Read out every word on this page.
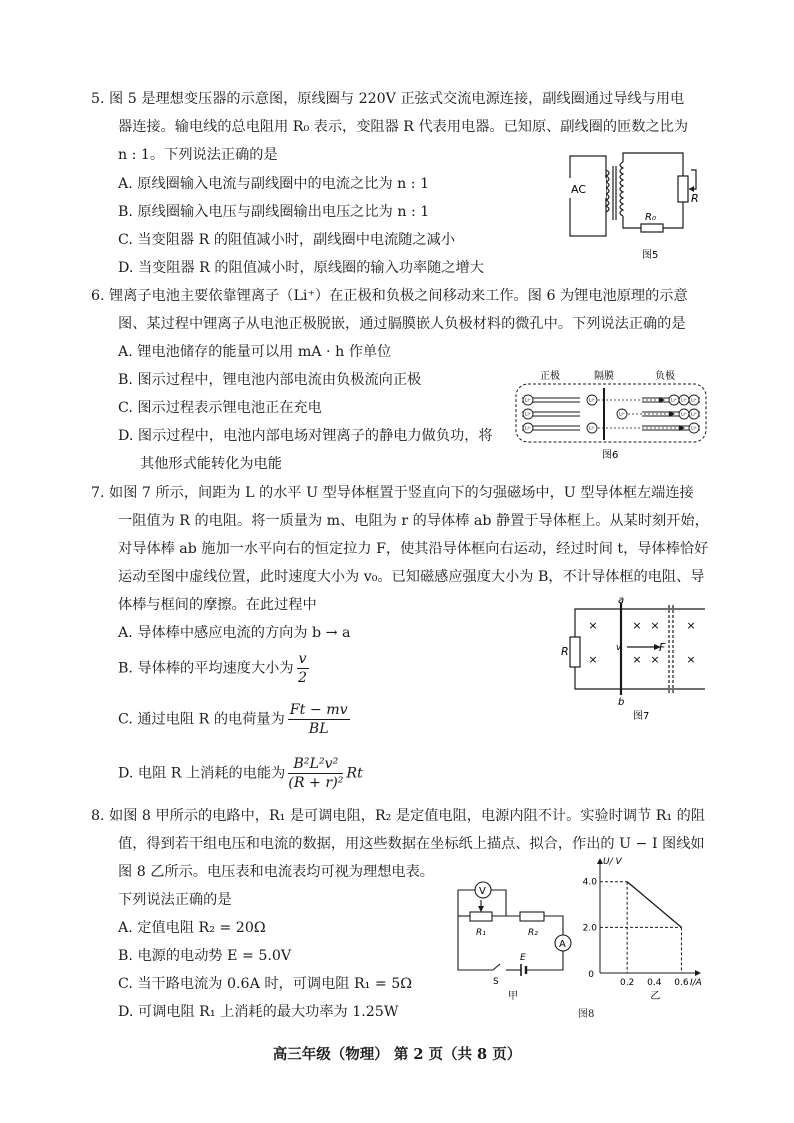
5. 图 5 是理想变压器的示意图，原线圈与 220V 正弦式交流电源连接，副线圈通过导线与用电
器连接。输电线的总电阻用 R₀ 表示，变阻器 R 代表用电器。已知原、副线圈的匝数之比为
n : 1。下列说法正确的是
A. 原线圈输入电流与副线圈中的电流之比为 n : 1
B. 原线圈输入电压与副线圈输出电压之比为 n : 1
C. 当变阻器 R 的阻值减小时，副线圈中电流随之减小
D. 当变阻器 R 的阻值减小时，原线圈的输入功率随之增大
AC
R
R₀
图5
6. 锂离子电池主要依靠锂离子（Li⁺）在正极和负极之间移动来工作。图 6 为锂电池原理的示意
图、某过程中锂离子从电池正极脱嵌，通过膈膜嵌人负极材料的微孔中。下列说法正确的是
A. 锂电池储存的能量可以用 mA · h 作单位
B. 图示过程中，锂电池内部电流由负极流向正极
C. 图示过程表示锂电池正在充电
D. 图示过程中，电池内部电场对锂离子的静电力做负功，将
其他形式能转化为电能
正极	隔膜	负极
Li⁺
Li⁺
Li⁺
Li⁺
Li⁺
Li⁺
Li⁺ Li⁺ Li⁺
Li⁺ Li⁺
Li⁺
图6
7. 如图 7 所示，间距为 L 的水平 U 型导体框置于竖直向下的匀强磁场中，U 型导体框左端连接
一阻值为 R 的电阻。将一质量为 m、电阻为 r 的导体棒 ab 静置于导体框上。从某时刻开始，
对导体棒 ab 施加一水平向右的恒定拉力 F，使其沿导体框向右运动，经过时间 t，导体棒恰好
运动至图中虚线位置，此时速度大小为 v₀。已知磁感应强度大小为 B，不计导体框的电阻、导
体棒与框间的摩擦。在此过程中
A. 导体棒中感应电流的方向为 b → a
B. 导体棒的平均速度大小为 $\frac{v}{2}$
C. 通过电阻 R 的电荷量为 $\frac{Ft - mv}{BL}$
D. 电阻 R 上消耗的电能为 $\frac{\text{B²L²v²}}{\text{(R + r)²}}$ Rt
×
×
×
×
×
×
×
×
a
b
R	v	F
图7
8. 如图 8 甲所示的电路中，R₁ 是可调电阻，R₂ 是定值电阻，电源内阻不计。实验时调节 R₁ 的阻
值，得到若干组电压和电流的数据，用这些数据在坐标纸上描点、拟合，作出的 U − I 图线如
图 8 乙所示。电压表和电流表均可视为理想电表。
下列说法正确的是
A. 定值电阻 R₂ = 20Ω
B. 电源的电动势 E = 5.0V
C. 当干路电流为 0.6A 时，可调电阻 R₁ = 5Ω
D. 可调电阻 R₁ 上消耗的最大功率为 1.25W
V
A
R₁	R₂
S
E
甲
4.0
2.0
0
0.2 0.4 0.6
U/ V
I/A
乙
图8
高三年级（物理） 第 2 页（共 8 页）
